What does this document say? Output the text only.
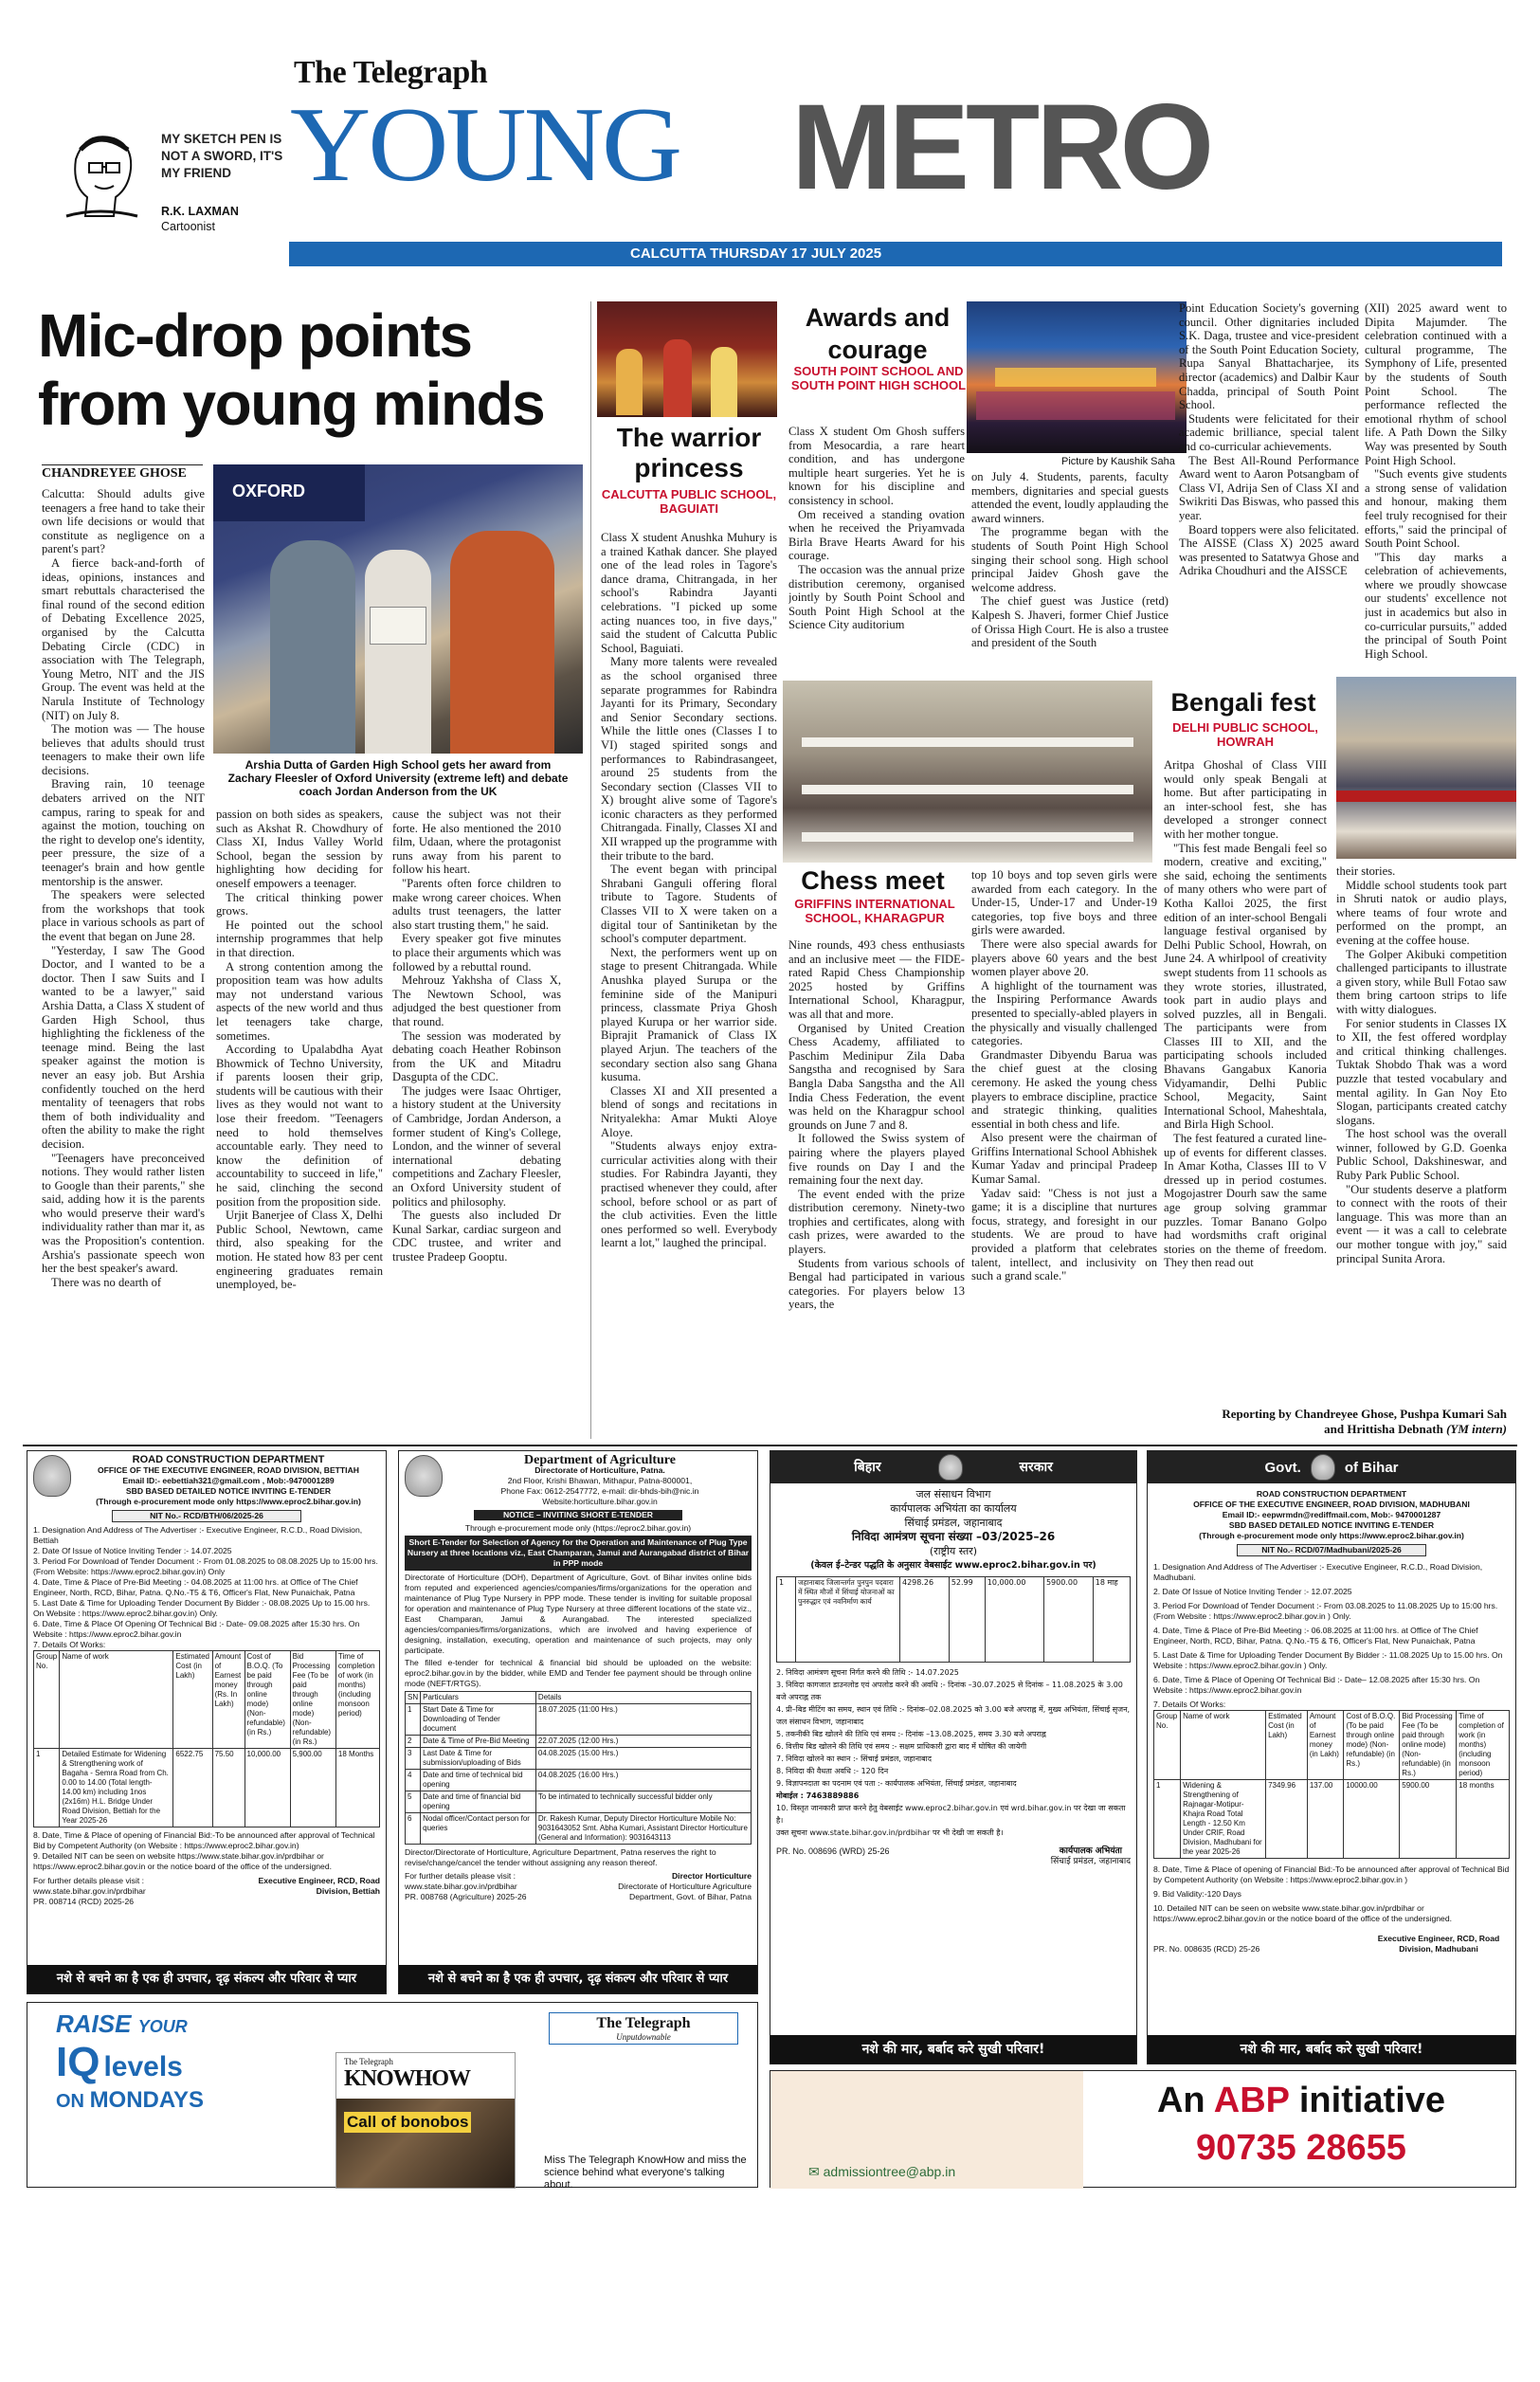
MY SKETCH PEN IS NOT A SWORD, IT'S MY FRIEND
R.K. LAXMAN
Cartoonist
The Telegraph
YOUNG METRO
CALCUTTA THURSDAY 17 JULY 2025
Mic-drop points from young minds
CHANDREYEE GHOSE
OXFORD
Arshia Dutta of Garden High School gets her award from Zachary Fleesler of Oxford University (extreme left) and debate coach Jordan Anderson from the UK

Calcutta: Should adults give teenagers a free hand to take their own life decisions or would that constitute as negligence on a parent's part?

A fierce back-and-forth of ideas, opinions, instances and smart rebuttals characterised the final round of the second edition of Debating Excellence 2025, organised by the Calcutta Debating Circle (CDC) in association with The Telegraph, Young Metro, NIT and the JIS Group. The event was held at the Narula Institute of Technology (NIT) on July 8.

The motion was — The house believes that adults should trust teenagers to make their own life decisions.

Braving rain, 10 teenage debaters arrived on the NIT campus, raring to speak for and against the motion, touching on the right to develop one's identity, peer pressure, the size of a teenager's brain and how gentle mentorship is the answer.

The speakers were selected from the workshops that took place in various schools as part of the event that began on June 28.

"Yesterday, I saw The Good Doctor, and I wanted to be a doctor. Then I saw Suits and I wanted to be a lawyer," said Arshia Datta, a Class X student of Garden High School, thus highlighting the fickleness of the teenage mind. Being the last speaker against the motion is never an easy job. But Arshia confidently touched on the herd mentality of teenagers that robs them of both individuality and often the ability to make the right decision.

"Teenagers have preconceived notions. They would rather listen to Google than their parents," she said, adding how it is the parents who would preserve their ward's individuality rather than mar it, as was the Proposition's contention. Arshia's passionate speech won her the best speaker's award.

There was no dearth of

passion on both sides as speakers, such as Akshat R. Chowdhury of Class XI, Indus Valley World School, began the session by highlighting how deciding for oneself empowers a teenager.

The critical thinking power grows.

He pointed out the school internship programmes that help in that direction.

A strong contention among the proposition team was how adults may not understand various aspects of the new world and thus let teenagers take charge, sometimes.

According to Upalabdha Ayat Bhowmick of Techno University, if parents loosen their grip, students will be cautious with their lives as they would not want to lose their freedom. "Teenagers need to hold themselves accountable early. They need to know the definition of accountability to succeed in life," he said, clinching the second position from the proposition side.

Urjit Banerjee of Class X, Delhi Public School, Newtown, came third, also speaking for the motion. He stated how 83 per cent engineering graduates remain unemployed, be-

cause the subject was not their forte. He also mentioned the 2010 film, Udaan, where the protagonist runs away from his parent to follow his heart.

"Parents often force children to make wrong career choices. When adults trust teenagers, the latter also start trusting them," he said.

Every speaker got five minutes to place their arguments which was followed by a rebuttal round.

Mehrouz Yakhsha of Class X, The Newtown School, was adjudged the best questioner from that round.

The session was moderated by debating coach Heather Robinson from the UK and Mitadru Dasgupta of the CDC.

The judges were Isaac Ohrtiger, a history student at the University of Cambridge, Jordan Anderson, a former student of King's College, London, and the winner of several international debating competitions and Zachary Fleesler, an Oxford University student of politics and philosophy.

The guests also included Dr Kunal Sarkar, cardiac surgeon and CDC trustee, and writer and trustee Pradeep Gooptu.

The warrior princess
CALCUTTA PUBLIC SCHOOL, BAGUIATI

Class X student Anushka Muhury is a trained Kathak dancer. She played one of the lead roles in Tagore's dance drama, Chitrangada, in her school's Rabindra Jayanti celebrations. "I picked up some acting nuances too, in five days," said the student of Calcutta Public School, Baguiati.

Many more talents were revealed as the school organised three separate programmes for Rabindra Jayanti for its Primary, Secondary and Senior Secondary sections. While the little ones (Classes I to VI) staged spirited songs and performances to Rabindrasangeet, around 25 students from the Secondary section (Classes VII to X) brought alive some of Tagore's iconic characters as they performed Chitrangada. Finally, Classes XI and XII wrapped up the programme with their tribute to the bard.

The event began with principal Shrabani Ganguli offering floral tribute to Tagore. Students of Classes VII to X were taken on a digital tour of Santiniketan by the school's computer department.

Next, the performers went up on stage to present Chitrangada. While Anushka played Surupa or the feminine side of the Manipuri princess, classmate Priya Ghosh played Kurupa or her warrior side. Biprajit Pramanick of Class IX played Arjun. The teachers of the secondary section also sang Ghana kusuma.

Classes XI and XII presented a blend of songs and recitations in Nrityalekha: Amar Mukti Aloye Aloye.

"Students always enjoy extra-curricular activities along with their studies. For Rabindra Jayanti, they practised whenever they could, after school, before school or as part of the club activities. Even the little ones performed so well. Everybody learnt a lot," laughed the principal.

Awards and courage
SOUTH POINT SCHOOL AND SOUTH POINT HIGH SCHOOL
Picture by Kaushik Saha

Class X student Om Ghosh suffers from Mesocardia, a rare heart condition, and has undergone multiple heart surgeries. Yet he is known for his discipline and consistency in school.

Om received a standing ovation when he received the Priyamvada Birla Brave Hearts Award for his courage.

The occasion was the annual prize distribution ceremony, organised jointly by South Point School and South Point High School at the Science City auditorium

on July 4. Students, parents, faculty members, dignitaries and special guests attended the event, loudly applauding the award winners.

The programme began with the students of South Point High School singing their school song. High school principal Jaidev Ghosh gave the welcome address.

The chief guest was Justice (retd) Kalpesh S. Jhaveri, former Chief Justice of Orissa High Court. He is also a trustee and president of the South

Point Education Society's governing council. Other dignitaries included S.K. Daga, trustee and vice-president of the South Point Education Society, Rupa Sanyal Bhattacharjee, its director (academics) and Dalbir Kaur Chadda, principal of South Point School.

Students were felicitated for their academic brilliance, special talent and co-curricular achievements.

The Best All-Round Performance Award went to Aaron Potsangbam of Class VI, Adrija Sen of Class XI and Swikriti Das Biswas, who passed this year.

Board toppers were also felicitated. The AISSE (Class X) 2025 award was presented to Satatwya Ghose and Adrika Choudhuri and the AISSCE

(XII) 2025 award went to Dipita Majumder. The celebration continued with a cultural programme, The Symphony of Life, presented by the students of South Point School. The performance reflected the emotional rhythm of school life. A Path Down the Silky Way was presented by South Point High School.

"Such events give students a strong sense of validation and honour, making them feel truly recognised for their efforts," said the principal of South Point School.

"This day marks a celebration of achievements, where we proudly showcase our students' excellence not just in academics but also in co-curricular pursuits," added the principal of South Point High School.

Chess meet
GRIFFINS INTERNATIONAL SCHOOL, KHARAGPUR

Nine rounds, 493 chess enthusiasts and an inclusive meet — the FIDE-rated Rapid Chess Championship 2025 hosted by Griffins International School, Kharagpur, was all that and more.

Organised by United Creation Chess Academy, affiliated to Paschim Medinipur Zila Daba Sangstha and recognised by Sara Bangla Daba Sangstha and the All India Chess Federation, the event was held on the Kharagpur school grounds on June 7 and 8.

It followed the Swiss system of pairing where the players played five rounds on Day I and the remaining four the next day.

The event ended with the prize distribution ceremony. Ninety-two trophies and certificates, along with cash prizes, were awarded to the players.

Students from various schools of Bengal had participated in various categories. For players below 13 years, the

top 10 boys and top seven girls were awarded from each category. In the Under-15, Under-17 and Under-19 categories, top five boys and three girls were awarded.

There were also special awards for players above 60 years and the best women player above 20.

A highlight of the tournament was the Inspiring Performance Awards presented to specially-abled players in the physically and visually challenged categories.

Grandmaster Dibyendu Barua was the chief guest at the closing ceremony. He asked the young chess players to embrace discipline, practice and strategic thinking, qualities essential in both chess and life.

Also present were the chairman of Griffins International School Abhishek Kumar Yadav and principal Pradeep Kumar Samal.

Yadav said: "Chess is not just a game; it is a discipline that nurtures focus, strategy, and foresight in our students. We are proud to have provided a platform that celebrates talent, intellect, and inclusivity on such a grand scale."

Bengali fest
DELHI PUBLIC SCHOOL, HOWRAH

Aritpa Ghoshal of Class VIII would only speak Bengali at home. But after participating in an inter-school fest, she has developed a stronger connect with her mother tongue.

"This fest made Bengali feel so modern, creative and exciting," she said, echoing the sentiments of many others who were part of Kotha Kalloi 2025, the first edition of an inter-school Bengali language festival organised by Delhi Public School, Howrah, on June 24. A whirlpool of creativity swept students from 11 schools as they wrote stories, illustrated, took part in audio plays and solved puzzles, all in Bengali. The participants were from Classes III to XII, and the participating schools included Bhavans Gangabux Kanoria Vidyamandir, Delhi Public School, Megacity, Saint International School, Maheshtala, and Birla High School.

The fest featured a curated line-up of events for different classes. In Amar Kotha, Classes III to V dressed up in period costumes. Mogojastrer Dourh saw the same age group solving grammar puzzles. Tomar Banano Golpo had wordsmiths craft original stories on the theme of freedom. They then read out

their stories.

Middle school students took part in Shruti natok or audio plays, where teams of four wrote and performed on the prompt, an evening at the coffee house.

The Golper Akibuki competition challenged participants to illustrate a given story, while Bull Fotao saw them bring cartoon strips to life with witty dialogues.

For senior students in Classes IX to XII, the fest offered wordplay and critical thinking challenges. Tuktak Shobdo Thak was a word puzzle that tested vocabulary and mental agility. In Gan Noy Eto Slogan, participants created catchy slogans.

The host school was the overall winner, followed by G.D. Goenka Public School, Dakshineswar, and Ruby Park Public School.

"Our students deserve a platform to connect with the roots of their language. This was more than an event — it was a call to celebrate our mother tongue with joy," said principal Sunita Arora.

Reporting by Chandreyee Ghose, Pushpa Kumari Sah and Hrittisha Debnath (YM intern)
ROAD CONSTRUCTION DEPARTMENT
OFFICE OF THE EXECUTIVE ENGINEER, ROAD DIVISION, BETTIAH
Email ID:- eebettiah321@gmail.com , Mob:-9470001289
SBD BASED DETAILED NOTICE INVITING E-TENDER
(Through e-procurement mode only https://www.eproc2.bihar.gov.in)
NIT No.- RCD/BTH/06/2025-26
1. Designation And Address of The Advertiser :- Executive Engineer, R.C.D., Road Division, Bettiah
2. Date Of Issue of Notice Inviting Tender :- 14.07.2025
3. Period For Download of Tender Document :- From 01.08.2025 to 08.08.2025 Up to 15:00 hrs. (From Website: https://www.eproc2.bihar.gov.in) Only
4. Date, Time & Place of Pre-Bid Meeting :- 04.08.2025 at 11:00 hrs. at Office of The Chief Engineer, North, RCD, Bihar, Patna. Q.No.-T5 & T6, Officer's Flat, New Punaichak, Patna
5. Last Date & Time for Uploading Tender Document By Bidder :- 08.08.2025 Up to 15.00 hrs. On Website : https://www.eproc2.bihar.gov.in) Only.
6. Date, Time & Place Of Opening Of Technical Bid :- Date- 09.08.2025 after 15:30 hrs. On Website : https://www.eproc2.bihar.gov.in
7. Details Of Works:
Group No.	Name of work	Estimated Cost (in Lakh)	Amount of Earnest money (Rs. In Lakh)	Cost of B.O.Q. (To be paid through online mode) (Non-refundable) (in Rs.)	Bid Processing Fee (To be paid through online mode) (Non-refundable) (in Rs.)	Time of completion of work (in months) (including monsoon period)
1	Detailed Estimate for Widening & Strengthening work of Bagaha - Semra Road from Ch. 0.00 to 14.00 (Total length-14.00 km) including 1nos (2x16m) H.L. Bridge Under Road Division, Bettiah for the Year 2025-26	6522.75	75.50	10,000.00	5,900.00	18 Months
8. Date, Time & Place of opening of Financial Bid:-To be announced after approval of Technical Bid by Competent Authority (on Website : https://www.eproc2.bihar.gov.in)
9. Detailed NIT can be seen on website https://www.state.bihar.gov.in/prdbihar or https://www.eproc2.bihar.gov.in or the notice board of the office of the undersigned.
For further details please visit : www.state.bihar.gov.in/prdbihar
PR. 008714 (RCD) 2025-26
Executive Engineer, RCD, Road Division, Bettiah
नशे से बचने का है एक ही उपचार, दृढ़ संकल्प और परिवार से प्यार
Department of Agriculture
Directorate of Horticulture, Patna.
2nd Floor, Krishi Bhawan, Mithapur, Patna-800001,
Phone Fax: 0612-2547772, e-mail: dir-bhds-bih@nic.in
Website:horticulture.bihar.gov.in
NOTICE – INVITING SHORT E-TENDER
Through e-procurement mode only (https://eproc2.bihar.gov.in)
Short E-Tender for Selection of Agency for the Operation and Maintenance of Plug Type Nursery at three locations viz., East Champaran, Jamui and Aurangabad district of Bihar in PPP mode
Directorate of Horticulture (DOH), Department of Agriculture, Govt. of Bihar invites online bids from reputed and experienced agencies/companies/firms/organizations for the operation and maintenance of Plug Type Nursery in PPP mode. These tender is inviting for suitable proposal for operation and maintenance of Plug Type Nursery at three different locations of the state viz., East Champaran, Jamui & Aurangabad. The interested specialized agencies/companies/firms/organizations, which are involved and having experience of designing, installation, executing, operation and maintenance of such projects, may only participate.
The filled e-tender for technical & financial bid should be uploaded on the website: eproc2.bihar.gov.in by the bidder, while EMD and Tender fee payment should be through online mode (NEFT/RTGS).
SN	Particulars	Details
1	Start Date & Time for Downloading of Tender document	18.07.2025 (11:00 Hrs.)
2	Date & Time of Pre-Bid Meeting	22.07.2025 (12:00 Hrs.)
3	Last Date & Time for submission/uploading of Bids	04.08.2025 (15:00 Hrs.)
4	Date and time of technical bid opening	04.08.2025 (16:00 Hrs.)
5	Date and time of financial bid opening	To be intimated to technically successful bidder only
6	Nodal officer/Contact person for queries	Dr. Rakesh Kumar, Deputy Director Horticulture Mobile No: 9031643052 Smt. Abha Kumari, Assistant Director Horticulture (General and Information): 9031643113
Director/Directorate of Horticulture, Agriculture Department, Patna reserves the right to revise/change/cancel the tender without assigning any reason thereof.
For further details please visit : www.state.bihar.gov.in/prdbihar
PR. 008768 (Agriculture) 2025-26
Director Horticulture
Directorate of Horticulture Agriculture Department, Govt. of Bihar, Patna
नशे से बचने का है एक ही उपचार, दृढ़ संकल्प और परिवार से प्यार
बिहार	सरकार
जल संसाधन विभाग
कार्यपालक अभियंता का कार्यालय
सिंचाई प्रमंडल, जहानाबाद
निविदा आमंत्रण सूचना संख्या –03/2025–26
(राष्ट्रीय स्तर)
(केवल ई–टेन्डर पद्धति के अनुसार वेबसाईट www.eproc2.bihar.gov.in पर)
1	जहानाबाद जिलान्तर्गत पुनपुन पदवारा में स्थित मौजों में सिंचाई योजनाओं का पुनरुद्धार एवं नवनिर्माण कार्य	4298.26	52.99	10,000.00	5900.00	18 माह
2. निविदा आमंत्रण सूचना निर्गत करने की तिथि :- 14.07.2025
3. निविदा कागजात डाउनलोड एवं अपलोड करने की अवधि :- दिनांक –30.07.2025 से दिनांक – 11.08.2025 के 3.00 बजे अपराह्न तक
4. प्री–बिड मीटिंग का समय, स्थान एवं तिथि :- दिनांक–02.08.2025 को 3.00 बजे अपराह्न में, मुख्य अभियंता, सिंचाई सृजन, जल संसाधन विभाग, जहानाबाद
5. तकनीकी बिड खोलने की तिथि एवं समय :- दिनांक –13.08.2025, समय 3.30 बजे अपराह्न
6. वित्तीय बिड खोलने की तिथि एवं समय :- सक्षम प्राधिकारी द्वारा बाद में घोषित की जायेगी
7. निविदा खोलने का स्थान :- सिंचाई प्रमंडल, जहानाबाद
8. निविदा की वैधता अवधि :- 120 दिन
9. विज्ञापनदाता का पदनाम एवं पता :- कार्यपालक अभियंता, सिंचाई प्रमंडल, जहानाबाद
मोबाईल : 7463889886
10. विस्तृत जानकारी प्राप्त करने हेतु वेबसाईट www.eproc2.bihar.gov.in एवं wrd.bihar.gov.in पर देखा जा सकता है।
उक्त सूचना www.state.bihar.gov.in/prdbihar पर भी देखी जा सकती है।
PR. No. 008696 (WRD) 25-26	कार्यपालक अभियंता
सिंचाई प्रमंडल, जहानाबाद
नशे की मार, बर्बाद करे सुखी परिवार!
Govt.	of Bihar
ROAD CONSTRUCTION DEPARTMENT
OFFICE OF THE EXECUTIVE ENGINEER, ROAD DIVISION, MADHUBANI
Email ID:- eepwrmdn@rediffmail.com, Mob:- 9470001287
SBD BASED DETAILED NOTICE INVITING E-TENDER
(Through e-procurement mode only https://www.eproc2.bihar.gov.in)
NIT No.- RCD/07/Madhubani/2025-26
1. Designation And Address of The Advertiser :- Executive Engineer, R.C.D., Road Division, Madhubani.
2. Date Of Issue of Notice Inviting Tender :- 12.07.2025
3. Period For Download of Tender Document :- From 03.08.2025 to 11.08.2025 Up to 15:00 hrs. (From Website : https://www.eproc2.bihar.gov.in ) Only.
4. Date, Time & Place of Pre-Bid Meeting :- 06.08.2025 at 11:00 hrs. at Office of The Chief Engineer, North, RCD, Bihar, Patna. Q.No.-T5 & T6, Officer's Flat, New Punaichak, Patna
5. Last Date & Time for Uploading Tender Document By Bidder :- 11.08.2025 Up to 15.00 hrs. On Website : https://www.eproc2.bihar.gov.in ) Only.
6. Date, Time & Place of Opening Of Technical Bid :- Date– 12.08.2025 after 15:30 hrs. On Website : https://www.eproc2.bihar.gov.in
7. Details Of Works:
Group No.	Name of work	Estimated Cost (in Lakh)	Amount of Earnest money (in Lakh)	Cost of B.O.Q. (To be paid through online mode) (Non-refundable) (in Rs.)	Bid Processing Fee (To be paid through online mode) (Non-refundable) (in Rs.)	Time of completion of work (in months) (including monsoon period)
1	Widening & Strengthening of Rajnagar-Motipur-Khajra Road Total Length - 12.50 Km Under CRIF, Road Division, Madhubani for the year 2025-26	7349.96	137.00	10000.00	5900.00	18 months
8. Date, Time & Place of opening of Financial Bid:-To be announced after approval of Technical Bid by Competent Authority (on Website : https://www.eproc2.bihar.gov.in )
9. Bid Validity:-120 Days
10. Detailed NIT can be seen on website www.state.bihar.gov.in/prdbihar or https://www.eproc2.bihar.gov.in or the notice board of the office of the undersigned.
PR. No. 008635 (RCD) 25-26
Executive Engineer, RCD, Road Division, Madhubani
नशे की मार, बर्बाद करे सुखी परिवार!
RAISE YOUR
IQ levels
ON MONDAYS
The Telegraph
Unputdownable
The Telegraph
KNOWHOW
Call of bonobos
Miss The Telegraph KnowHow and miss the science behind what everyone's talking about.
✉ admissiontree@abp.in
An ABP initiative
90735 28655
